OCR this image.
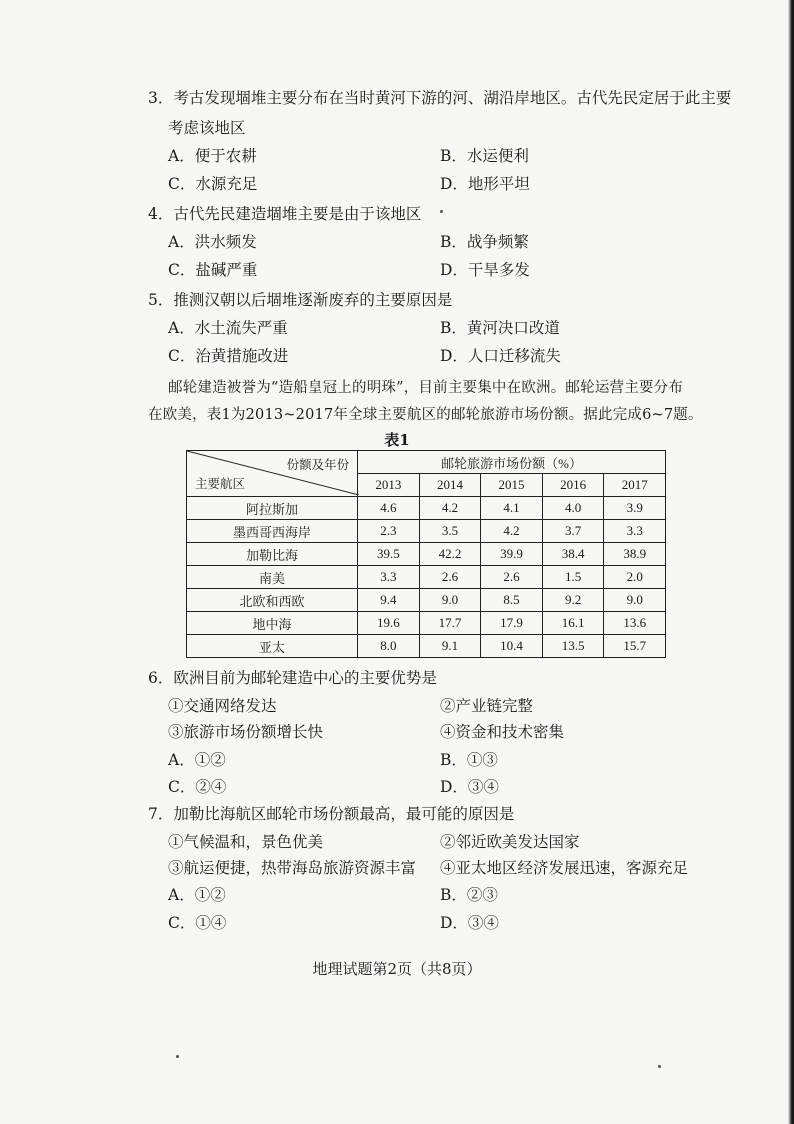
3．考古发现堌堆主要分布在当时黄河下游的河、湖沿岸地区。古代先民定居于此主要
考虑该地区
A．便于农耕	B．水运便利
C．水源充足	D．地形平坦
4．古代先民建造堌堆主要是由于该地区
A．洪水频发	B．战争频繁
C．盐碱严重	D．干旱多发
5．推测汉朝以后堌堆逐渐废弃的主要原因是
A．水土流失严重	B．黄河决口改道
C．治黄措施改进	D．人口迁移流失
邮轮建造被誉为“造船皇冠上的明珠”，目前主要集中在欧洲。邮轮运营主要分布
在欧美，表1为2013~2017年全球主要航区的邮轮旅游市场份额。据此完成6~7题。
表1
份额及年份
主要航区	邮轮旅游市场份额（%）				
	2013	2014	2015	2016	2017
阿拉斯加	4.6	4.2	4.1	4.0	3.9
墨西哥西海岸	2.3	3.5	4.2	3.7	3.3
加勒比海	39.5	42.2	39.9	38.4	38.9
南美	3.3	2.6	2.6	1.5	2.0
北欧和西欧	9.4	9.0	8.5	9.2	9.0
地中海	19.6	17.7	17.9	16.1	13.6
亚太	8.0	9.1	10.4	13.5	15.7
6．欧洲目前为邮轮建造中心的主要优势是
①交通网络发达	②产业链完整
③旅游市场份额增长快	④资金和技术密集
A．①②	B．①③
C．②④	D．③④
7．加勒比海航区邮轮市场份额最高，最可能的原因是
①气候温和，景色优美	②邻近欧美发达国家
③航运便捷，热带海岛旅游资源丰富 ④亚太地区经济发展迅速，客源充足
A．①②	B．②③
C．①④	D．③④
地理试题第2页（共8页）
